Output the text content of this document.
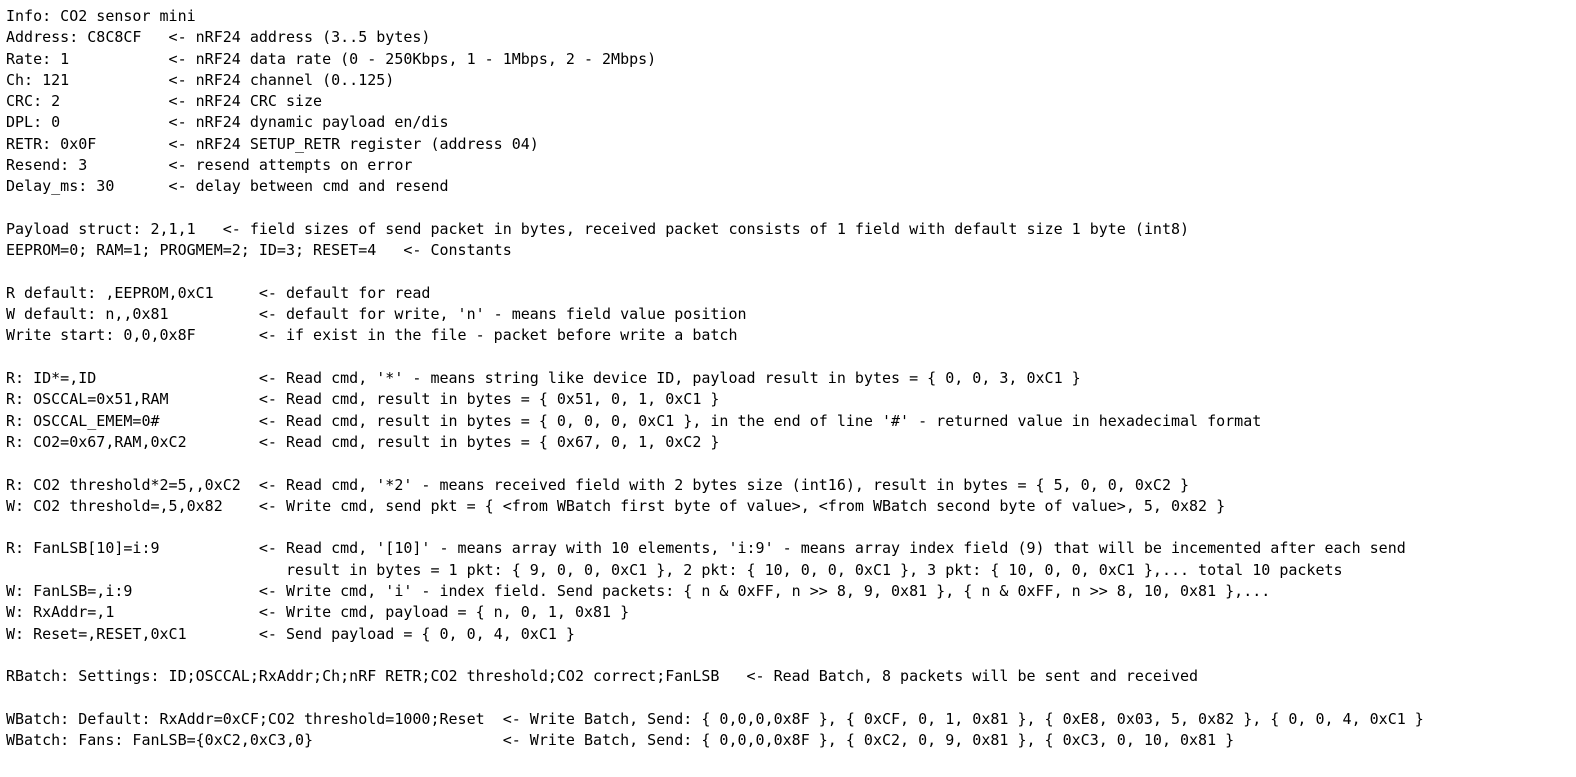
Info: CO2 sensor mini
Address: C8C8CF   <- nRF24 address (3..5 bytes)
Rate: 1           <- nRF24 data rate (0 - 250Kbps, 1 - 1Mbps, 2 - 2Mbps)
Ch: 121           <- nRF24 channel (0..125)
CRC: 2            <- nRF24 CRC size
DPL: 0            <- nRF24 dynamic payload en/dis
RETR: 0x0F        <- nRF24 SETUP_RETR register (address 04)
Resend: 3         <- resend attempts on error
Delay_ms: 30      <- delay between cmd and resend

Payload struct: 2,1,1   <- field sizes of send packet in bytes, received packet consists of 1 field with default size 1 byte (int8)
EEPROM=0; RAM=1; PROGMEM=2; ID=3; RESET=4   <- Constants

R default: ,EEPROM,0xC1     <- default for read
W default: n,,0x81          <- default for write, 'n' - means field value position
Write start: 0,0,0x8F       <- if exist in the file - packet before write a batch

R: ID*=,ID                  <- Read cmd, '*' - means string like device ID, payload result in bytes = { 0, 0, 3, 0xC1 }
R: OSCCAL=0x51,RAM          <- Read cmd, result in bytes = { 0x51, 0, 1, 0xC1 }
R: OSCCAL_EMEM=0#           <- Read cmd, result in bytes = { 0, 0, 0, 0xC1 }, in the end of line '#' - returned value in hexadecimal format
R: CO2=0x67,RAM,0xC2        <- Read cmd, result in bytes = { 0x67, 0, 1, 0xC2 }

R: CO2 threshold*2=5,,0xC2  <- Read cmd, '*2' - means received field with 2 bytes size (int16), result in bytes = { 5, 0, 0, 0xC2 }
W: CO2 threshold=,5,0x82    <- Write cmd, send pkt = { <from WBatch first byte of value>, <from WBatch second byte of value>, 5, 0x82 }

R: FanLSB[10]=i:9           <- Read cmd, '[10]' - means array with 10 elements, 'i:9' - means array index field (9) that will be incemented after each send
result in bytes = 1 pkt: { 9, 0, 0, 0xC1 }, 2 pkt: { 10, 0, 0, 0xC1 }, 3 pkt: { 10, 0, 0, 0xC1 },... total 10 packets
W: FanLSB=,i:9              <- Write cmd, 'i' - index field. Send packets: { n & 0xFF, n >> 8, 9, 0x81 }, { n & 0xFF, n >> 8, 10, 0x81 },...
W: RxAddr=,1                <- Write cmd, payload = { n, 0, 1, 0x81 }
W: Reset=,RESET,0xC1        <- Send payload = { 0, 0, 4, 0xC1 }

RBatch: Settings: ID;OSCCAL;RxAddr;Ch;nRF RETR;CO2 threshold;CO2 correct;FanLSB   <- Read Batch, 8 packets will be sent and received

WBatch: Default: RxAddr=0xCF;CO2 threshold=1000;Reset  <- Write Batch, Send: { 0,0,0,0x8F }, { 0xCF, 0, 1, 0x81 }, { 0xE8, 0x03, 5, 0x82 }, { 0, 0, 4, 0xC1 }
WBatch: Fans: FanLSB={0xC2,0xC3,0}                     <- Write Batch, Send: { 0,0,0,0x8F }, { 0xC2, 0, 9, 0x81 }, { 0xC3, 0, 10, 0x81 }
